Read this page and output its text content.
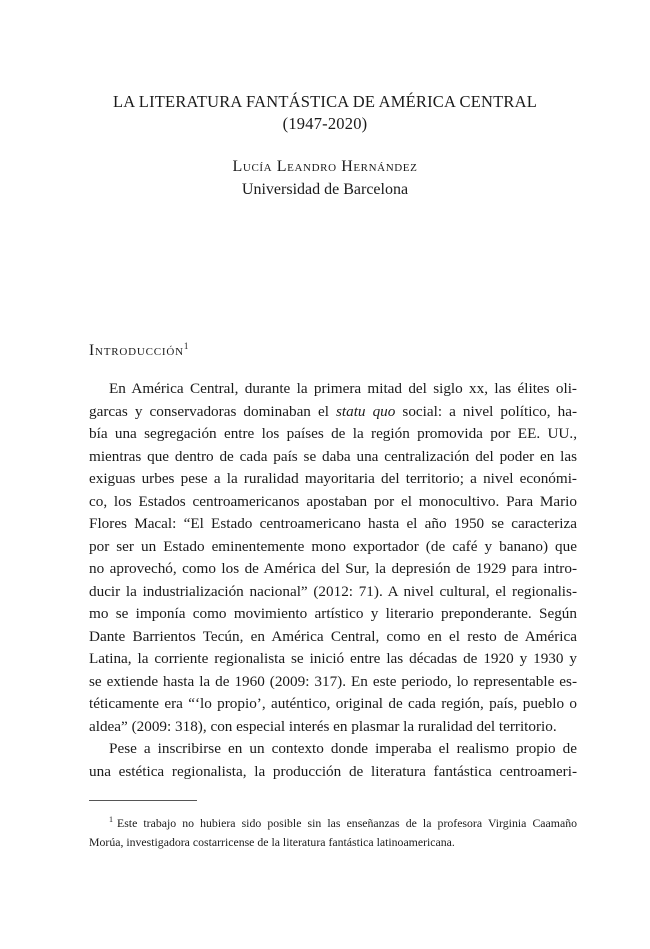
LA LITERATURA FANTÁSTICA DE AMÉRICA CENTRAL
(1947-2020)
Lucía Leandro Hernández
Universidad de Barcelona
Introducción$^1$
En América Central, durante la primera mitad del siglo xx, las élites oli-
garcas y conservadoras dominaban el statu quo social: a nivel político, ha-
bía una segregación entre los países de la región promovida por EE. UU.,
mientras que dentro de cada país se daba una centralización del poder en las
exiguas urbes pese a la ruralidad mayoritaria del territorio; a nivel económi-
co, los Estados centroamericanos apostaban por el monocultivo. Para Mario
Flores Macal: “El Estado centroamericano hasta el año 1950 se caracteriza
por ser un Estado eminentemente mono exportador (de café y banano) que
no aprovechó, como los de América del Sur, la depresión de 1929 para intro-
ducir la industrialización nacional” (2012: 71). A nivel cultural, el regionalis-
mo se imponía como movimiento artístico y literario preponderante. Según
Dante Barrientos Tecún, en América Central, como en el resto de América
Latina, la corriente regionalista se inició entre las décadas de 1920 y 1930 y
se extiende hasta la de 1960 (2009: 317). En este periodo, lo representable es-
téticamente era “‘lo propio’, auténtico, original de cada región, país, pueblo o
aldea” (2009: 318), con especial interés en plasmar la ruralidad del territorio.
Pese a inscribirse en un contexto donde imperaba el realismo propio de
una estética regionalista, la producción de literatura fantástica centroameri-
$^1$ Este trabajo no hubiera sido posible sin las enseñanzas de la profesora Virginia Caamaño
Morúa, investigadora costarricense de la literatura fantástica latinoamericana.
